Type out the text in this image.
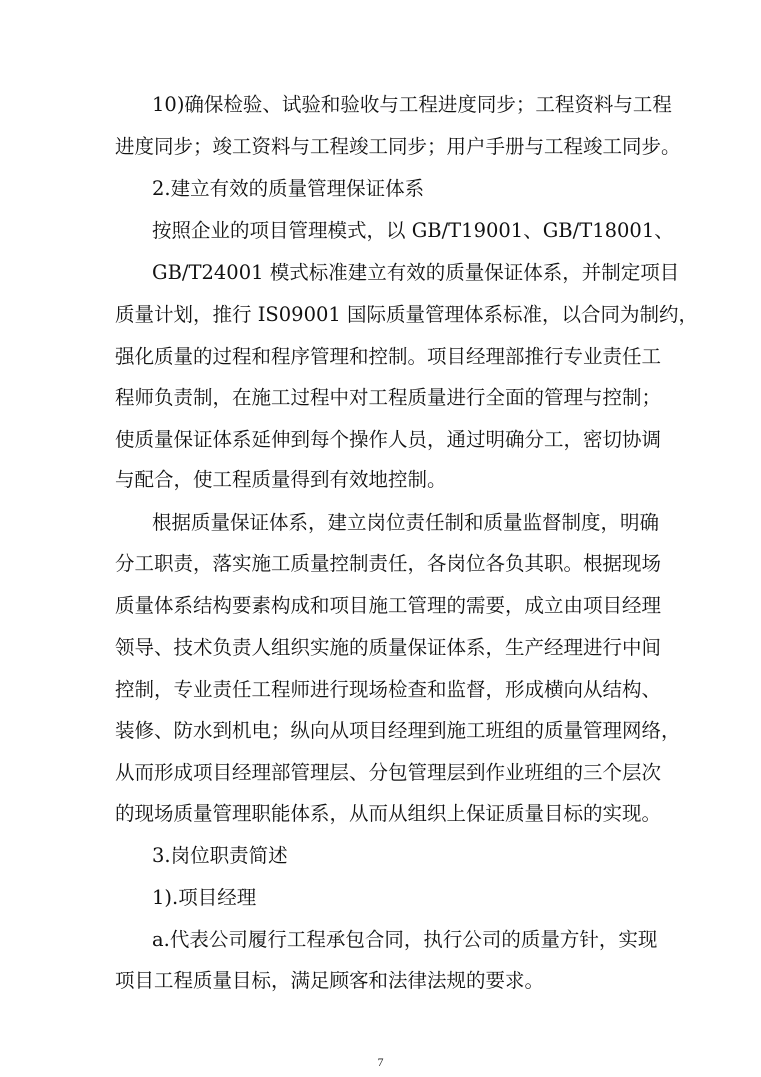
10)确保检验、试验和验收与工程进度同步；工程资料与工程
进度同步；竣工资料与工程竣工同步；用户手册与工程竣工同步。
2.建立有效的质量管理保证体系
按照企业的项目管理模式，以 GB/T19001、GB/T18001、
GB/T24001 模式标准建立有效的质量保证体系，并制定项目
质量计划，推行 IS09001 国际质量管理体系标准，以合同为制约，
强化质量的过程和程序管理和控制。项目经理部推行专业责任工
程师负责制，在施工过程中对工程质量进行全面的管理与控制；
使质量保证体系延伸到每个操作人员，通过明确分工，密切协调
与配合，使工程质量得到有效地控制。
根据质量保证体系，建立岗位责任制和质量监督制度，明确
分工职责，落实施工质量控制责任，各岗位各负其职。根据现场
质量体系结构要素构成和项目施工管理的需要，成立由项目经理
领导、技术负责人组织实施的质量保证体系，生产经理进行中间
控制，专业责任工程师进行现场检查和监督，形成横向从结构、
装修、防水到机电；纵向从项目经理到施工班组的质量管理网络，
从而形成项目经理部管理层、分包管理层到作业班组的三个层次
的现场质量管理职能体系，从而从组织上保证质量目标的实现。
3.岗位职责简述
1).项目经理
a.代表公司履行工程承包合同，执行公司的质量方针，实现
项目工程质量目标，满足顾客和法律法规的要求。
7
